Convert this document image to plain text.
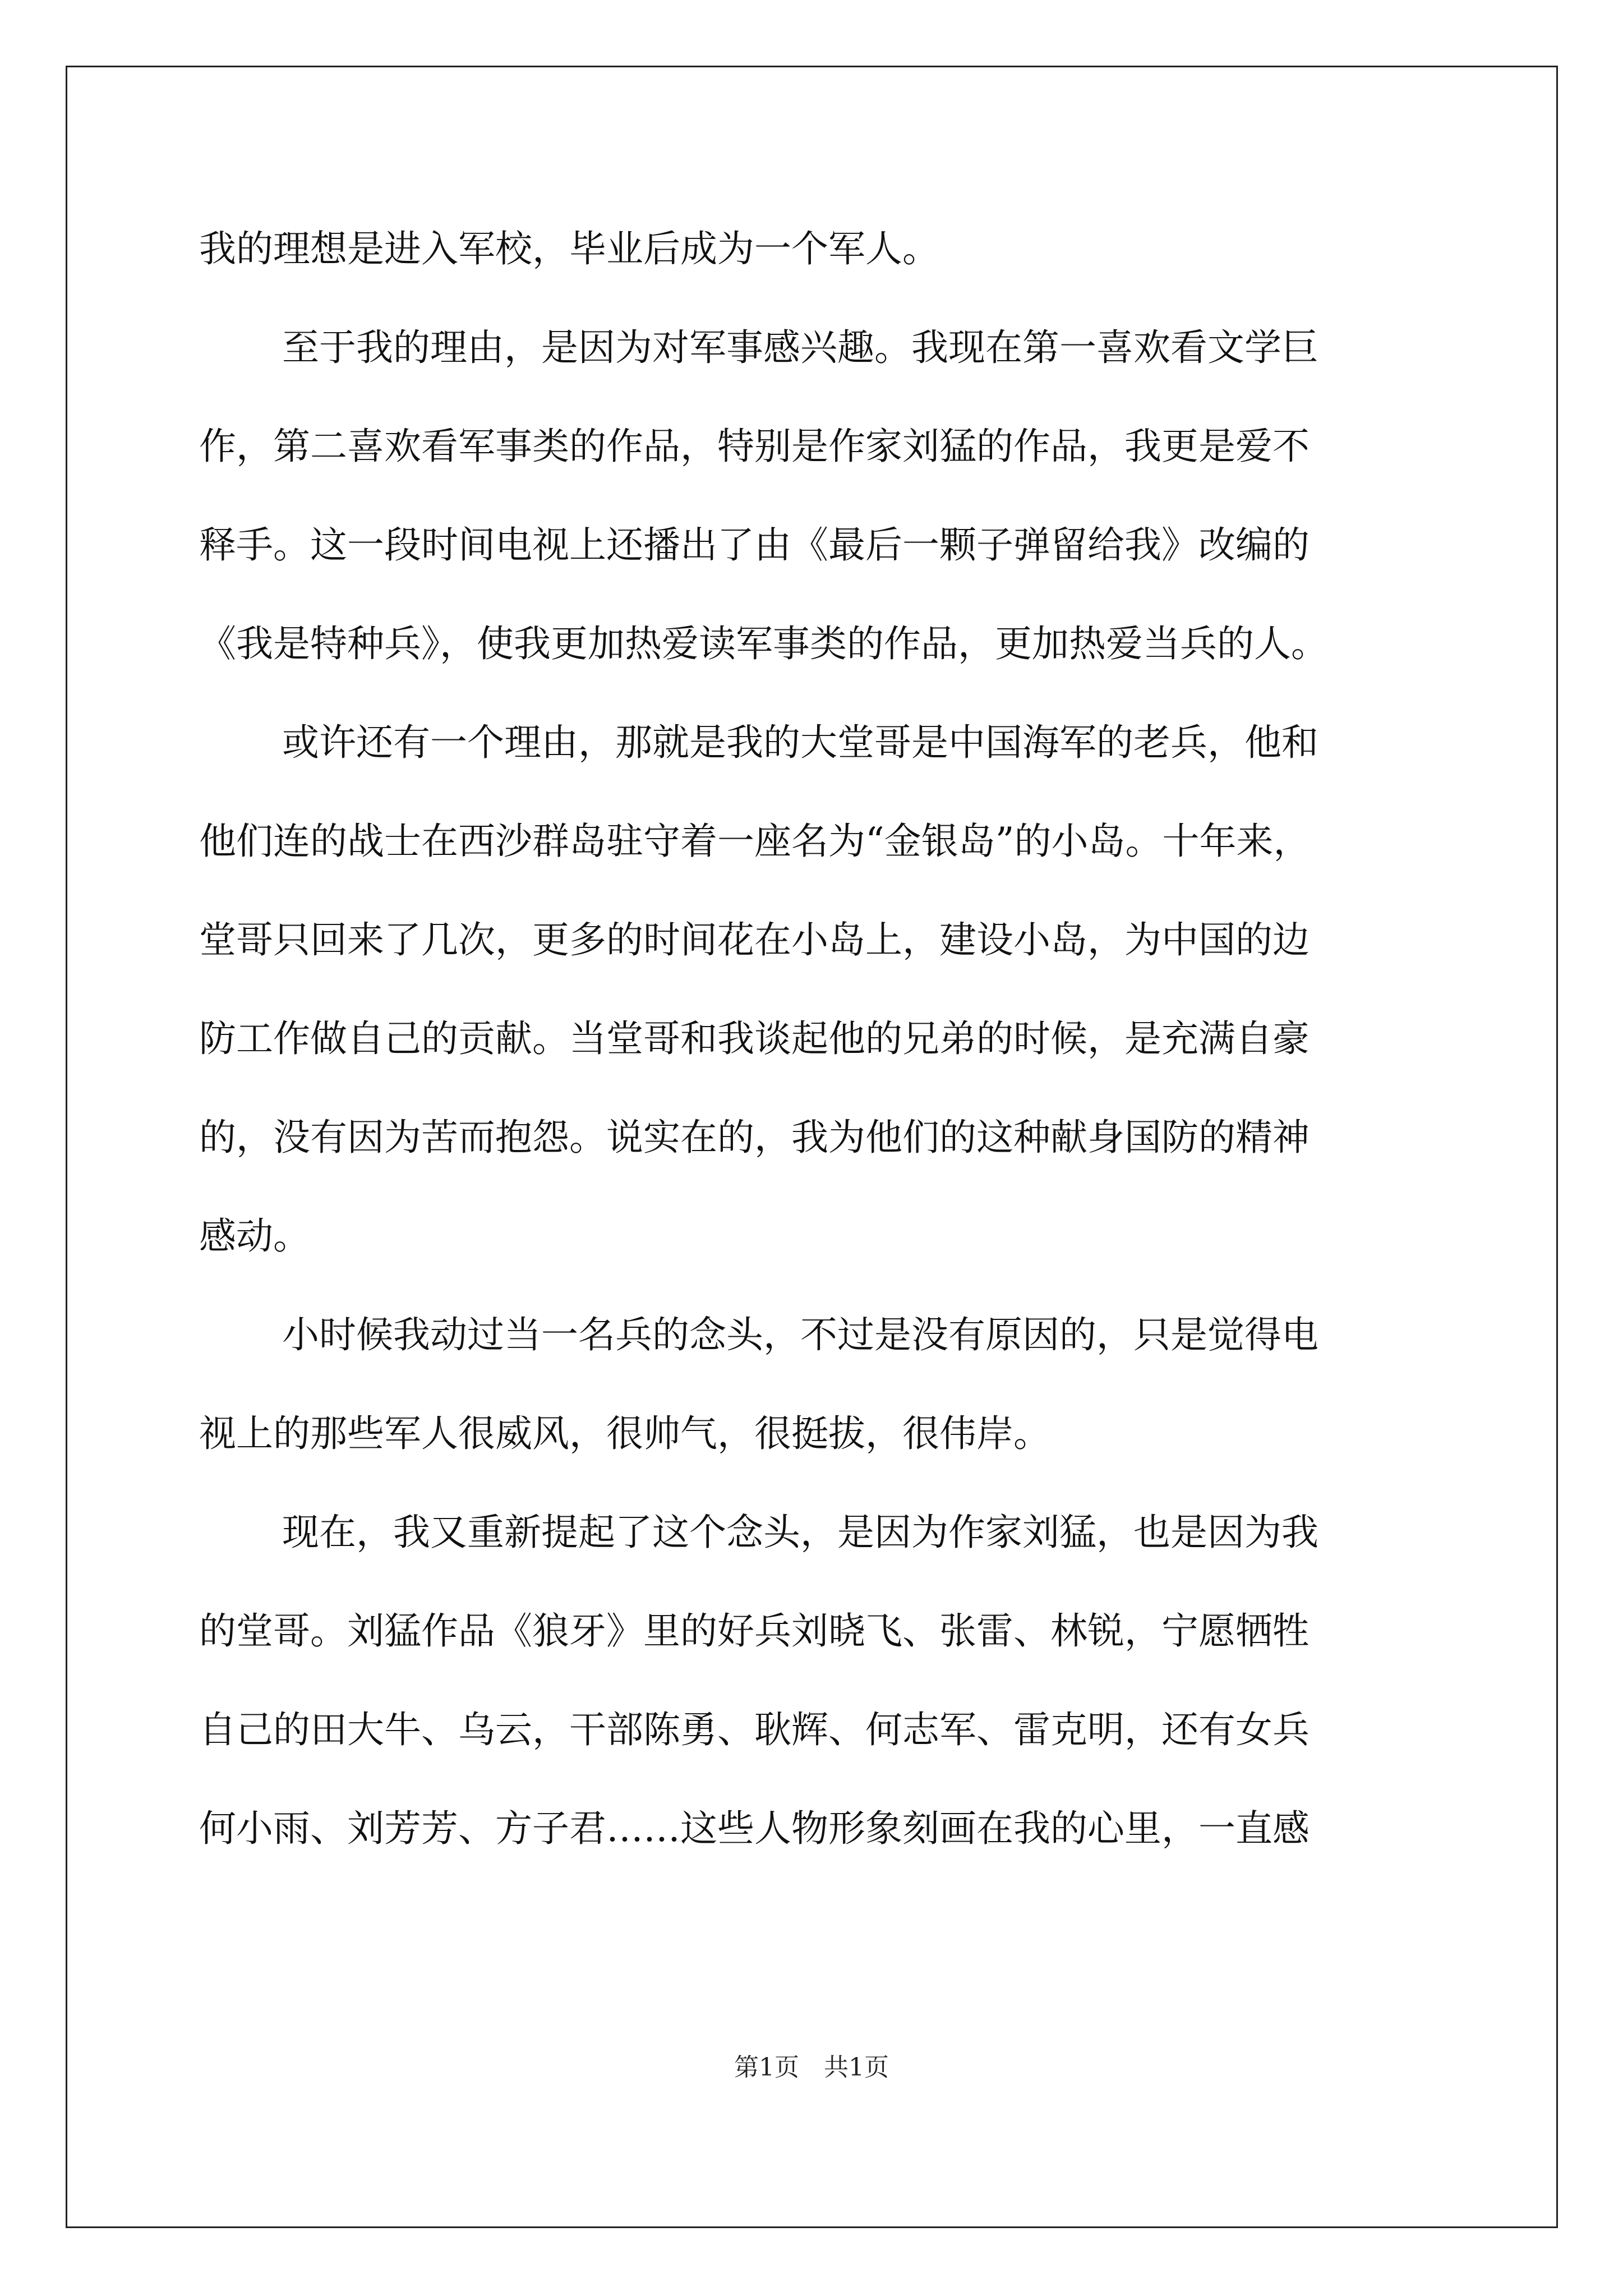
我的理想是进入军校，毕业后成为一个军人。
至于我的理由，是因为对军事感兴趣。我现在第一喜欢看文学巨
作，第二喜欢看军事类的作品，特别是作家刘猛的作品，我更是爱不
释手。这一段时间电视上还播出了由《最后一颗子弹留给我》改编的
《我是特种兵》，使我更加热爱读军事类的作品，更加热爱当兵的人。
或许还有一个理由，那就是我的大堂哥是中国海军的老兵，他和
他们连的战士在西沙群岛驻守着一座名为“金银岛”的小岛。十年来，
堂哥只回来了几次，更多的时间花在小岛上，建设小岛，为中国的边
防工作做自己的贡献。当堂哥和我谈起他的兄弟的时候，是充满自豪
的，没有因为苦而抱怨。说实在的，我为他们的这种献身国防的精神
感动。
小时候我动过当一名兵的念头，不过是没有原因的，只是觉得电
视上的那些军人很威风，很帅气，很挺拔，很伟岸。
现在，我又重新提起了这个念头，是因为作家刘猛，也是因为我
的堂哥。刘猛作品《狼牙》里的好兵刘晓飞、张雷、林锐，宁愿牺牲
自己的田大牛、乌云，干部陈勇、耿辉、何志军、雷克明，还有女兵
何小雨、刘芳芳、方子君……这些人物形象刻画在我的心里，一直感
第1页 共1页
